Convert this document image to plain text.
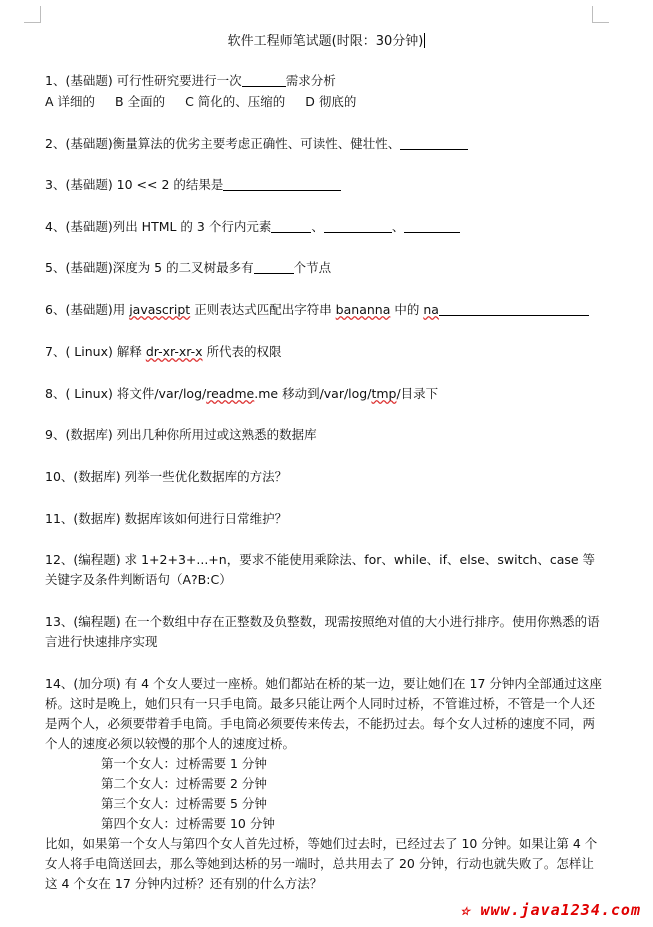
软件工程师笔试题(时限：30分钟)
1、(基础题) 可行性研究要进行一次	需求分析
A 详细的 B 全面的 C 简化的、压缩的 D 彻底的
2、(基础题)衡量算法的优劣主要考虑正确性、可读性、健壮性、
3、(基础题) 10 << 2 的结果是
4、(基础题)列出 HTML 的 3 个行内元素	、	、
5、(基础题)深度为 5 的二叉树最多有	个节点
6、(基础题)用 javascript 正则表达式匹配出字符串 bananna 中的 na
7、( Linux) 解释 dr-xr-xr-x 所代表的权限
8、( Linux) 将文件/var/log/readme.me 移动到/var/log/tmp/目录下
9、(数据库) 列出几种你所用过或这熟悉的数据库
10、(数据库) 列举一些优化数据库的方法？
11、(数据库) 数据库该如何进行日常维护？
12、(编程题) 求 1+2+3+...+n，要求不能使用乘除法、for、while、if、else、switch、case 等关键字及条件判断语句（A?B:C）
13、(编程题) 在一个数组中存在正整数及负整数，现需按照绝对值的大小进行排序。使用你熟悉的语言进行快速排序实现
14、(加分项) 有 4 个女人要过一座桥。她们都站在桥的某一边，要让她们在 17 分钟内全部通过这座桥。这时是晚上，她们只有一只手电筒。最多只能让两个人同时过桥，不管谁过桥，不管是一个人还是两个人，必须要带着手电筒。手电筒必须要传来传去，不能扔过去。每个女人过桥的速度不同，两个人的速度必须以较慢的那个人的速度过桥。
第一个女人：过桥需要 1 分钟
第二个女人：过桥需要 2 分钟
第三个女人：过桥需要 5 分钟
第四个女人：过桥需要 10 分钟
比如，如果第一个女人与第四个女人首先过桥，等她们过去时，已经过去了 10 分钟。如果让第 4 个女人将手电筒送回去，那么等她到达桥的另一端时，总共用去了 20 分钟，行动也就失败了。怎样让这 4 个女在 17 分钟内过桥？还有别的什么方法？
☆ www.java1234.com
